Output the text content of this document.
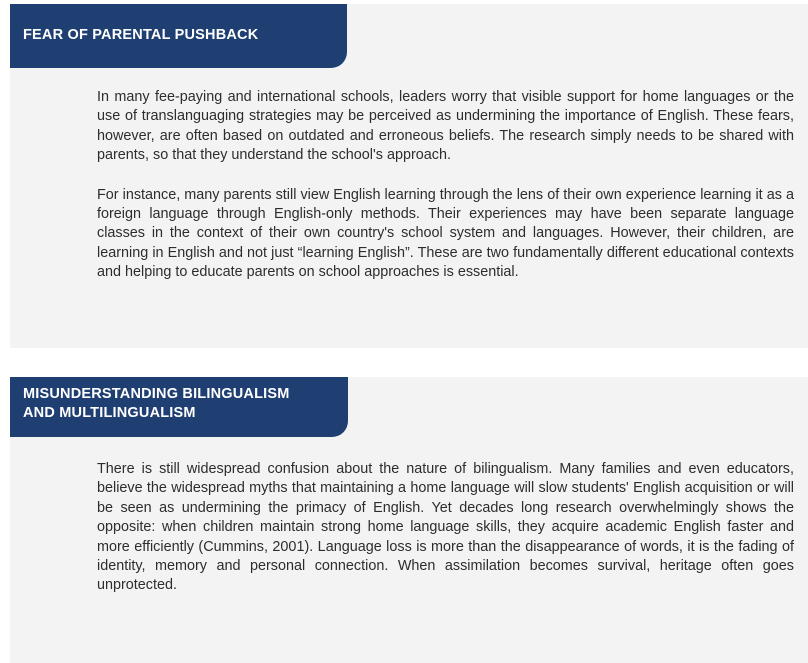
FEAR OF PARENTAL PUSHBACK

In many fee-paying and international schools, leaders worry that visible support for home languages or the use of translanguaging strategies may be perceived as undermining the importance of English. These fears, however, are often based on outdated and erroneous beliefs. The research simply needs to be shared with parents, so that they understand the school's approach.

For instance, many parents still view English learning through the lens of their own experience learning it as a foreign language through English-only methods. Their experiences may have been separate language classes in the context of their own country's school system and languages. However, their children, are learning in English and not just “learning English”. These are two fundamentally different educational contexts and helping to educate parents on school approaches is essential.

MISUNDERSTANDING BILINGUALISM
AND MULTILINGUALISM

There is still widespread confusion about the nature of bilingualism. Many families and even educators, believe the widespread myths that maintaining a home language will slow students' English acquisition or will be seen as undermining the primacy of English. Yet decades long research overwhelmingly shows the opposite: when children maintain strong home language skills, they acquire academic English faster and more efficiently (Cummins, 2001). Language loss is more than the disappearance of words, it is the fading of identity, memory and personal connection. When assimilation becomes survival, heritage often goes unprotected.
